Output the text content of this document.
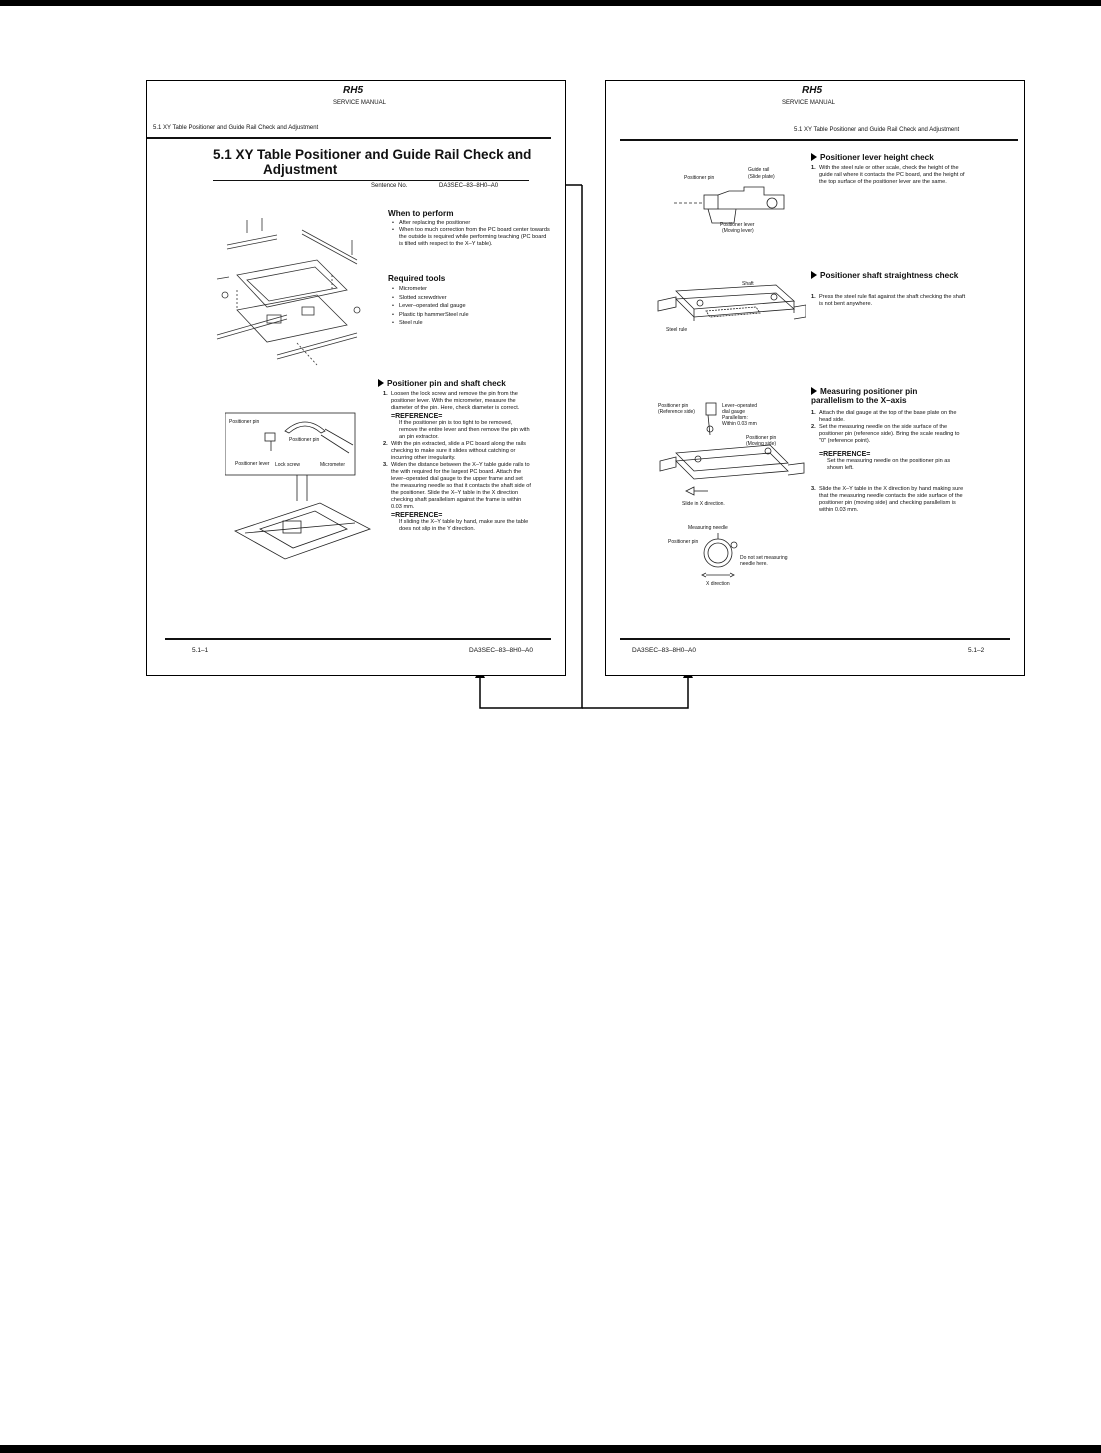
RH5
SERVICE MANUAL
5.1 XY Table Positioner and Guide Rail Check and Adjustment
5.1 XY Table Positioner and Guide Rail Check and
Adjustment
Sentence No.	DA3SEC–83–8H0–A0
When to perform
• After replacing the positioner
• When too much correction from the PC board center towards the outside is required while performing teaching (PC board is tilted with respect to the X–Y table).
Required tools
• Micrometer
• Slotted screwdriver
• Lever–operated dial gauge
• Plastic tip hammerSteel rule
• Steel rule
Positioner pin and shaft check
1. Loosen the lock screw and remove the pin from the positioner lever. With the micrometer, measure the diameter of the pin. Here, check diameter is correct.
=REFERENCE=
If the positioner pin is too tight to be removed, remove the entire lever and then remove the pin with an pin extractor.
2. With the pin extracted, slide a PC board along the rails checking to make sure it slides without catching or incurring other irregularity.
3. Widen the distance between the X–Y table guide rails to the with required for the largest PC board. Attach the lever–operated dial gauge to the upper frame and set the measuring needle so that it contacts the shaft side of the positioner. Slide the X–Y table in the X direction checking shaft parallelism against the frame is within 0.03 mm.
=REFERENCE=
If sliding the X–Y table by hand, make sure the table does not slip in the Y direction.
Positioner pin
Positioner pin
Positioner lever Lock screw	Micrometer
5.1–1	DA3SEC–83–8H0–A0
RH5
SERVICE MANUAL
5.1 XY Table Positioner and Guide Rail Check and Adjustment
Guide rail
(Slide plate)
Positioner pin
Positioner lever
(Moving lever)
Positioner lever height check
1. With the steel rule or other scale, check the height of the guide rail where it contacts the PC board, and the height of the top surface of the positioner lever are the same.
Shaft
Steel rule
Positioner shaft straightness check
1. Press the steel rule flat against the shaft checking the shaft is not bent anywhere.
Positioner pin
(Reference side)
Lever–operated
dial gauge
Parallelism:
Within 0.03 mm
Positioner pin
(Moving side)
Slide in X direction.
Measuring needle
Positioner pin
Do not set measuring
needle here.
X direction
Measuring positioner pin parallelism to the X–axis
1. Attach the dial gauge at the top of the base plate on the head side.
2. Set the measuring needle on the side surface of the positioner pin (reference side). Bring the scale reading to "0" (reference point).
=REFERENCE=
Set the measuring needle on the positioner pin as shown left.
3. Slide the X–Y table in the X direction by hand making sure that the measuring needle contacts the side surface of the positioner pin (moving side) and checking parallelism is within 0.03 mm.
DA3SEC–83–8H0–A0	5.1–2
